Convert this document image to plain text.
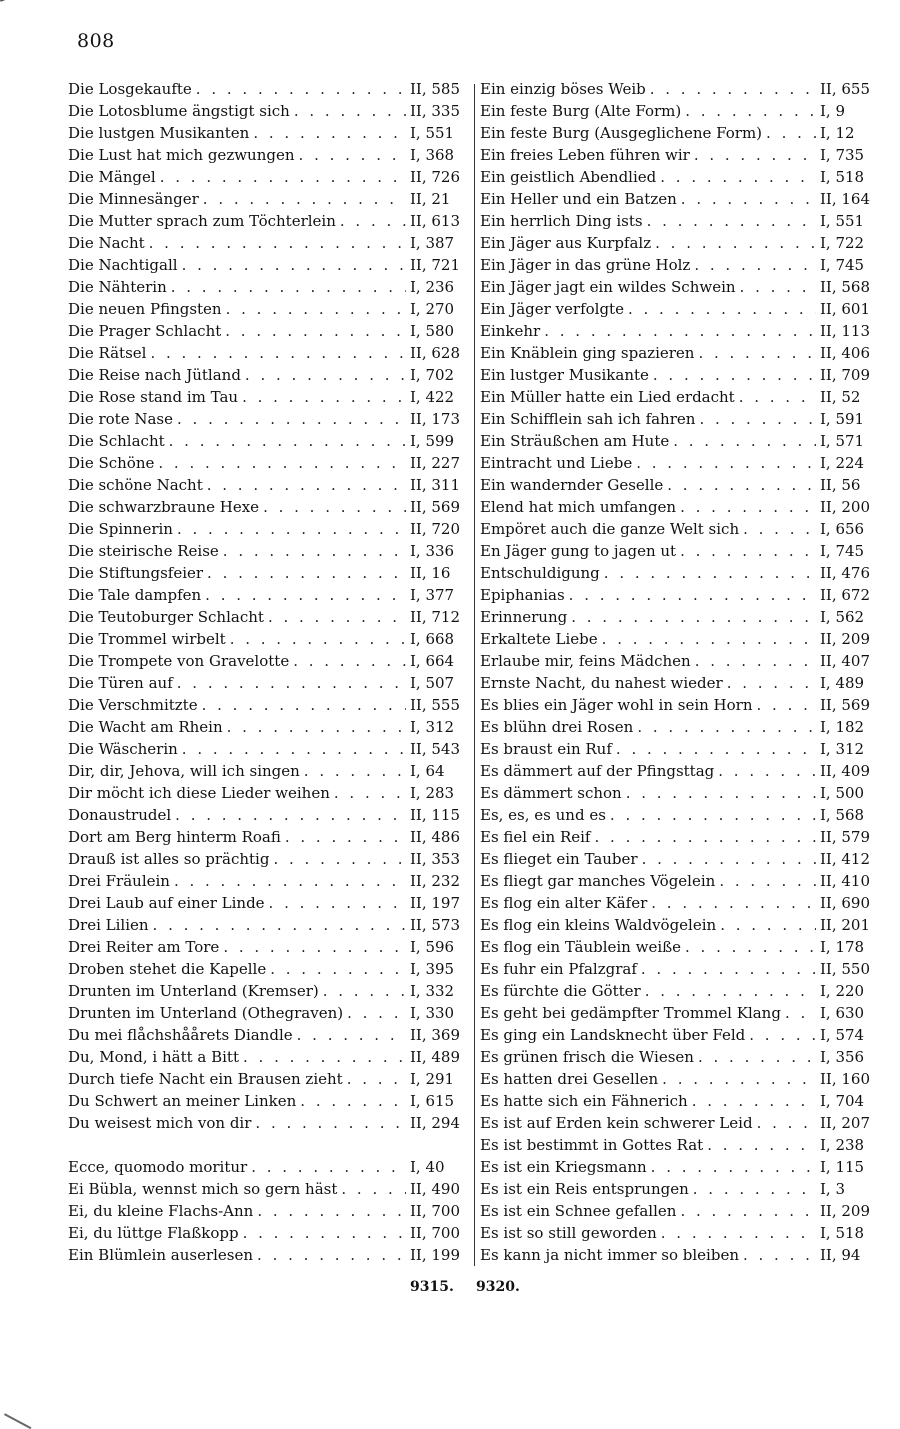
808
Die Losgekaufte . . .	II, 585
Die Lotosblume ängstigt sich . . .	II, 335
Die lustgen Musikanten . . .	I, 551
Die Lust hat mich gezwungen . . .	I, 368
Die Mängel . . .	II, 726
Die Minnesänger . . .	II, 21
Die Mutter sprach zum Töchterlein . . .	II, 613
Die Nacht . . .	I, 387
Die Nachtigall . . .	II, 721
Die Nähterin . . .	I, 236
Die neuen Pfingsten . . .	I, 270
Die Prager Schlacht . . .	I, 580
Die Rätsel . . .	II, 628
Die Reise nach Jütland . . .	I, 702
Die Rose stand im Tau . . .	I, 422
Die rote Nase . . .	II, 173
Die Schlacht . . .	I, 599
Die Schöne . . .	II, 227
Die schöne Nacht . . .	II, 311
Die schwarzbraune Hexe . . .	II, 569
Die Spinnerin . . .	II, 720
Die steirische Reise . . .	I, 336
Die Stiftungsfeier . . .	II, 16
Die Tale dampfen . . .	I, 377
Die Teutoburger Schlacht . . .	II, 712
Die Trommel wirbelt . . .	I, 668
Die Trompete von Gravelotte . . .	I, 664
Die Türen auf . . .	I, 507
Die Verschmitzte . . .	II, 555
Die Wacht am Rhein . . .	I, 312
Die Wäscherin . . .	II, 543
Dir, dir, Jehova, will ich singen . . .	I, 64
Dir möcht ich diese Lieder weihen . . .	I, 283
Donaustrudel . . .	II, 115
Dort am Berg hinterm Roafi . . .	II, 486
Drauß ist alles so prächtig . . .	II, 353
Drei Fräulein . . .	II, 232
Drei Laub auf einer Linde . . .	II, 197
Drei Lilien . . .	II, 573
Drei Reiter am Tore . . .	I, 596
Droben stehet die Kapelle . . .	I, 395
Drunten im Unterland (Kremser) . . .	I, 332
Drunten im Unterland (Othegraven) . . .	I, 330
Du mei flåchshåårets Diandle . . .	II, 369
Du, Mond, i hätt a Bitt . . .	II, 489
Durch tiefe Nacht ein Brausen zieht . . .	I, 291
Du Schwert an meiner Linken . . .	I, 615
Du weisest mich von dir . . .	II, 294
Ecce, quomodo moritur . . .	I, 40
Ei Bübla, wennst mich so gern häst . . .	II, 490
Ei, du kleine Flachs-Ann . . .	II, 700
Ei, du lüttge Flaßkopp . . .	II, 700
Ein Blümlein auserlesen . . .	II, 199
Ein einzig böses Weib . . .	II, 655
Ein feste Burg (Alte Form) . . .	I, 9
Ein feste Burg (Ausgeglichene Form) . . .	I, 12
Ein freies Leben führen wir . . .	I, 735
Ein geistlich Abendlied . . .	I, 518
Ein Heller und ein Batzen . . .	II, 164
Ein herrlich Ding ists . . .	I, 551
Ein Jäger aus Kurpfalz . . .	I, 722
Ein Jäger in das grüne Holz . . .	I, 745
Ein Jäger jagt ein wildes Schwein . . .	II, 568
Ein Jäger verfolgte . . .	II, 601
Einkehr . . .	II, 113
Ein Knäblein ging spazieren . . .	II, 406
Ein lustger Musikante . . .	II, 709
Ein Müller hatte ein Lied erdacht . . .	II, 52
Ein Schifflein sah ich fahren . . .	I, 591
Ein Sträußchen am Hute . . .	I, 571
Eintracht und Liebe . . .	I, 224
Ein wandernder Geselle . . .	II, 56
Elend hat mich umfangen . . .	II, 200
Empöret auch die ganze Welt sich . . .	I, 656
En Jäger gung to jagen ut . . .	I, 745
Entschuldigung . . .	II, 476
Epiphanias . . .	II, 672
Erinnerung . . .	I, 562
Erkaltete Liebe . . .	II, 209
Erlaube mir, feins Mädchen . . .	II, 407
Ernste Nacht, du nahest wieder . . .	I, 489
Es blies ein Jäger wohl in sein Horn . . .	II, 569
Es blühn drei Rosen . . .	I, 182
Es braust ein Ruf . . .	I, 312
Es dämmert auf der Pfingsttag . . .	II, 409
Es dämmert schon . . .	I, 500
Es, es, es und es . . .	I, 568
Es fiel ein Reif . . .	II, 579
Es flieget ein Tauber . . .	II, 412
Es fliegt gar manches Vögelein . . .	II, 410
Es flog ein alter Käfer . . .	II, 690
Es flog ein kleins Waldvögelein . . .	II, 201
Es flog ein Täublein weiße . . .	I, 178
Es fuhr ein Pfalzgraf . . .	II, 550
Es fürchte die Götter . . .	I, 220
Es geht bei gedämpfter Trommel Klang . . .	I, 630
Es ging ein Landsknecht über Feld . . .	I, 574
Es grünen frisch die Wiesen . . .	I, 356
Es hatten drei Gesellen . . .	II, 160
Es hatte sich ein Fähnerich . . .	I, 704
Es ist auf Erden kein schwerer Leid . . .	II, 207
Es ist bestimmt in Gottes Rat . . .	I, 238
Es ist ein Kriegsmann . . .	I, 115
Es ist ein Reis entsprungen . . .	I, 3
Es ist ein Schnee gefallen . . .	II, 209
Es ist so still geworden . . .	I, 518
Es kann ja nicht immer so bleiben . . .	II, 94
9315. 9320.
